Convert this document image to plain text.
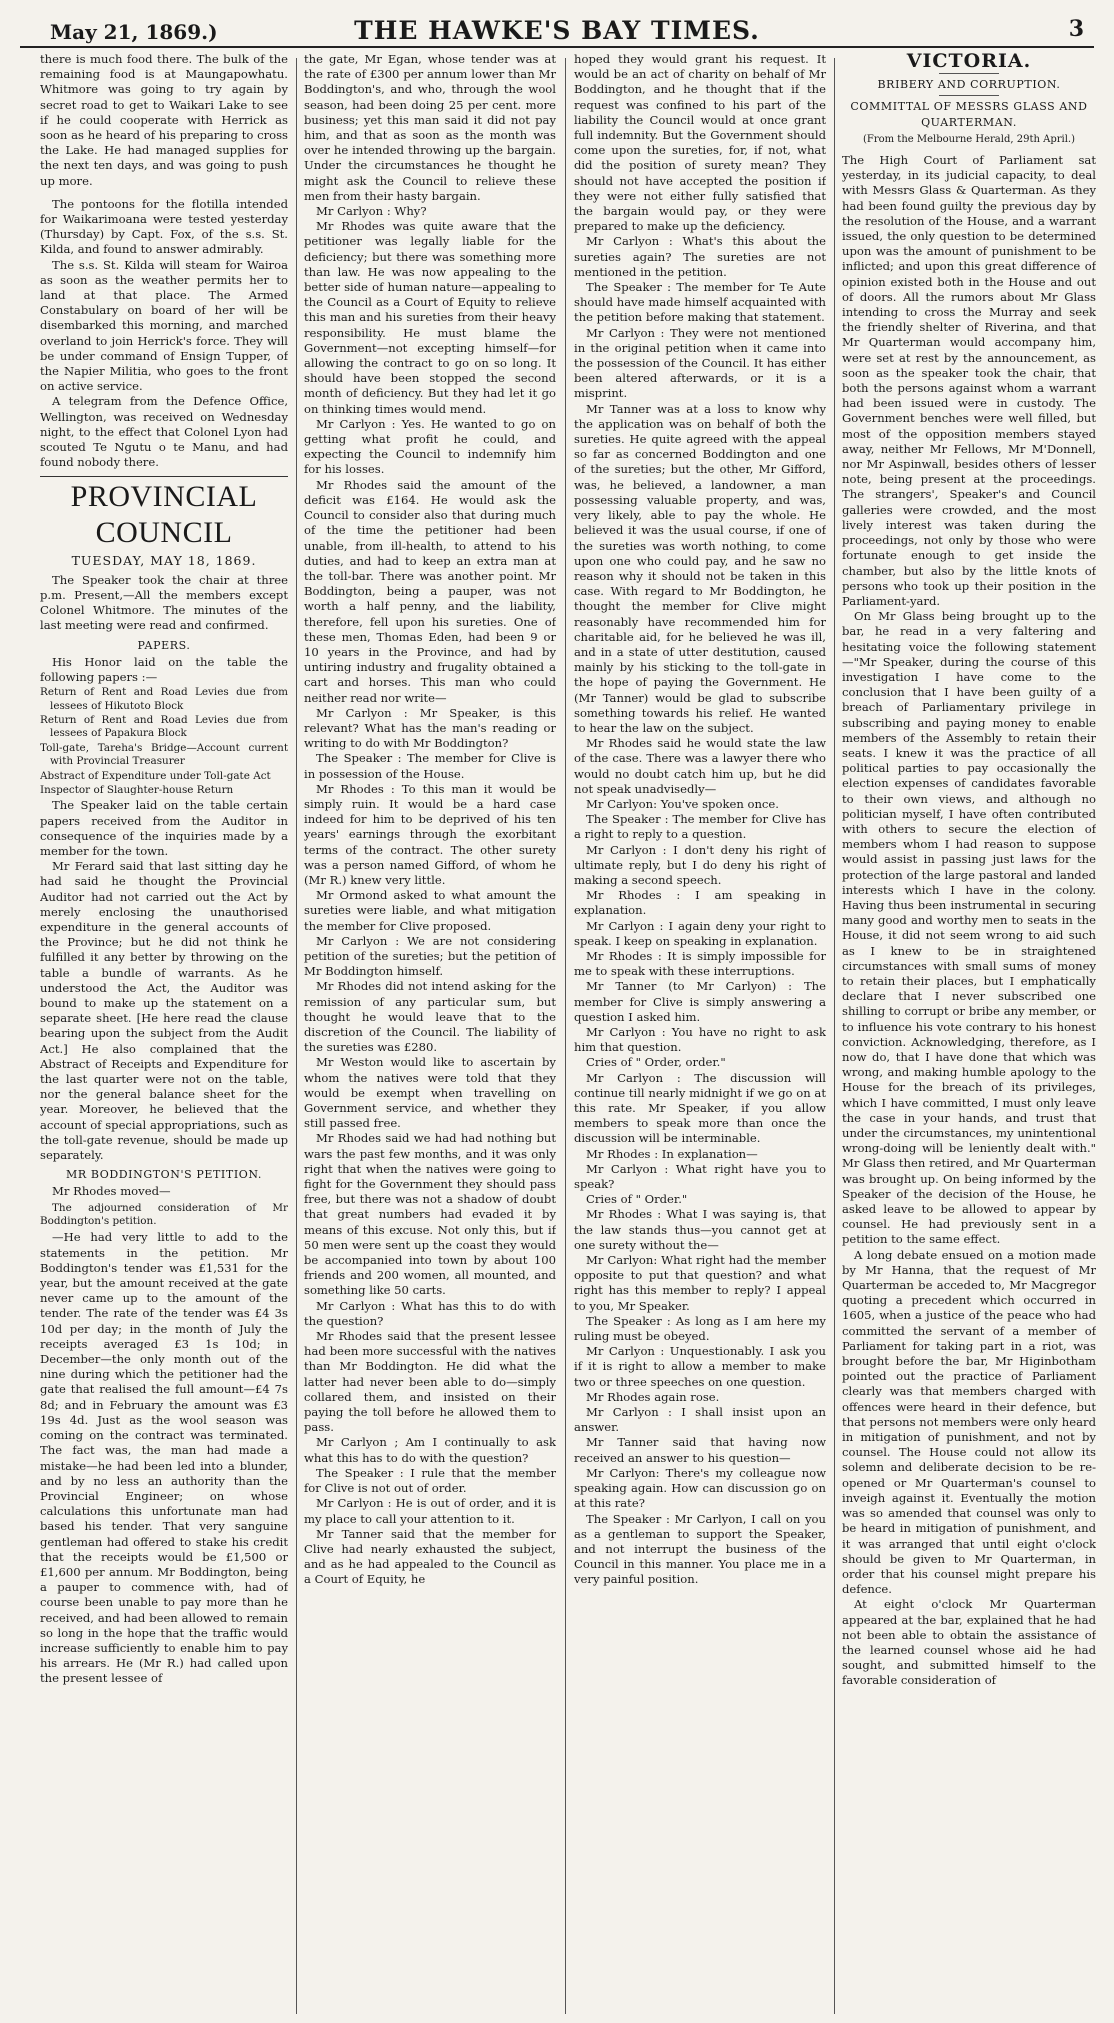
May 21, 1869.)	THE HAWKE'S BAY TIMES.	3

there is much food there. The bulk of the remaining food is at Maungapowhatu. Whitmore was going to try again by secret road to get to Waikari Lake to see if he could cooperate with Herrick as soon as he heard of his preparing to cross the Lake. He had managed supplies for the next ten days, and was going to push up more.

The pontoons for the flotilla intended for Waikarimoana were tested yesterday (Thursday) by Capt. Fox, of the s.s. St. Kilda, and found to answer admirably.

The s.s. St. Kilda will steam for Wairoa as soon as the weather permits her to land at that place. The Armed Constabulary on board of her will be disembarked this morning, and marched overland to join Herrick's force. They will be under command of Ensign Tupper, of the Napier Militia, who goes to the front on active service.

A telegram from the Defence Office, Wellington, was received on Wednesday night, to the effect that Colonel Lyon had scouted Te Ngutu o te Manu, and had found nobody there.

PROVINCIAL COUNCIL
TUESDAY, MAY 18, 1869.

The Speaker took the chair at three p.m. Present,—All the members except Colonel Whitmore. The minutes of the last meeting were read and confirmed.

PAPERS.

His Honor laid on the table the following papers :—

Return of Rent and Road Levies due from lessees of Hikutoto Block
Return of Rent and Road Levies due from lessees of Papakura Block
Toll-gate, Tareha's Bridge—Account current with Provincial Treasurer
Abstract of Expenditure under Toll-gate Act
Inspector of Slaughter-house Return

The Speaker laid on the table certain papers received from the Auditor in consequence of the inquiries made by a member for the town.

Mr Ferard said that last sitting day he had said he thought the Provincial Auditor had not carried out the Act by merely enclosing the unauthorised expenditure in the general accounts of the Province; but he did not think he fulfilled it any better by throwing on the table a bundle of warrants. As he understood the Act, the Auditor was bound to make up the statement on a separate sheet. [He here read the clause bearing upon the subject from the Audit Act.] He also complained that the Abstract of Receipts and Expenditure for the last quarter were not on the table, nor the general balance sheet for the year. Moreover, he believed that the account of special appropriations, such as the toll-gate revenue, should be made up separately.

MR BODDINGTON'S PETITION.

Mr Rhodes moved—

The adjourned consideration of Mr Boddington's petition.

—He had very little to add to the statements in the petition. Mr Boddington's tender was £1,531 for the year, but the amount received at the gate never came up to the amount of the tender. The rate of the tender was £4 3s 10d per day; in the month of July the receipts averaged £3 1s 10d; in December—the only month out of the nine during which the petitioner had the gate that realised the full amount—£4 7s 8d; and in February the amount was £3 19s 4d. Just as the wool season was coming on the contract was terminated. The fact was, the man had made a mistake—he had been led into a blunder, and by no less an authority than the Provincial Engineer; on whose calculations this unfortunate man had based his tender. That very sanguine gentleman had offered to stake his credit that the receipts would be £1,500 or £1,600 per annum. Mr Boddington, being a pauper to commence with, had of course been unable to pay more than he received, and had been allowed to remain so long in the hope that the traffic would increase sufficiently to enable him to pay his arrears. He (Mr R.) had called upon the present lessee of

the gate, Mr Egan, whose tender was at the rate of £300 per annum lower than Mr Boddington's, and who, through the wool season, had been doing 25 per cent. more business; yet this man said it did not pay him, and that as soon as the month was over he intended throwing up the bargain. Under the circumstances he thought he might ask the Council to relieve these men from their hasty bargain.

Mr Carlyon : Why?

Mr Rhodes was quite aware that the petitioner was legally liable for the deficiency; but there was something more than law. He was now appealing to the better side of human nature—appealing to the Council as a Court of Equity to relieve this man and his sureties from their heavy responsibility. He must blame the Government—not excepting himself—for allowing the contract to go on so long. It should have been stopped the second month of deficiency. But they had let it go on thinking times would mend.

Mr Carlyon : Yes. He wanted to go on getting what profit he could, and expecting the Council to indemnify him for his losses.

Mr Rhodes said the amount of the deficit was £164. He would ask the Council to consider also that during much of the time the petitioner had been unable, from ill-health, to attend to his duties, and had to keep an extra man at the toll-bar. There was another point. Mr Boddington, being a pauper, was not worth a half penny, and the liability, therefore, fell upon his sureties. One of these men, Thomas Eden, had been 9 or 10 years in the Province, and had by untiring industry and frugality obtained a cart and horses. This man who could neither read nor write—

Mr Carlyon : Mr Speaker, is this relevant? What has the man's reading or writing to do with Mr Boddington?

The Speaker : The member for Clive is in possession of the House.

Mr Rhodes : To this man it would be simply ruin. It would be a hard case indeed for him to be deprived of his ten years' earnings through the exorbitant terms of the contract. The other surety was a person named Gifford, of whom he (Mr R.) knew very little.

Mr Ormond asked to what amount the sureties were liable, and what mitigation the member for Clive proposed.

Mr Carlyon : We are not considering petition of the sureties; but the petition of Mr Boddington himself.

Mr Rhodes did not intend asking for the remission of any particular sum, but thought he would leave that to the discretion of the Council. The liability of the sureties was £280.

Mr Weston would like to ascertain by whom the natives were told that they would be exempt when travelling on Government service, and whether they still passed free.

Mr Rhodes said we had had nothing but wars the past few months, and it was only right that when the natives were going to fight for the Government they should pass free, but there was not a shadow of doubt that great numbers had evaded it by means of this excuse. Not only this, but if 50 men were sent up the coast they would be accompanied into town by about 100 friends and 200 women, all mounted, and something like 50 carts.

Mr Carlyon : What has this to do with the question?

Mr Rhodes said that the present lessee had been more successful with the natives than Mr Boddington. He did what the latter had never been able to do—simply collared them, and insisted on their paying the toll before he allowed them to pass.

Mr Carlyon ; Am I continually to ask what this has to do with the question?

The Speaker : I rule that the member for Clive is not out of order.

Mr Carlyon : He is out of order, and it is my place to call your attention to it.

Mr Tanner said that the member for Clive had nearly exhausted the subject, and as he had appealed to the Council as a Court of Equity, he

hoped they would grant his request. It would be an act of charity on behalf of Mr Boddington, and he thought that if the request was confined to his part of the liability the Council would at once grant full indemnity. But the Government should come upon the sureties, for, if not, what did the position of surety mean? They should not have accepted the position if they were not either fully satisfied that the bargain would pay, or they were prepared to make up the deficiency.

Mr Carlyon : What's this about the sureties again? The sureties are not mentioned in the petition.

The Speaker : The member for Te Aute should have made himself acquainted with the petition before making that statement.

Mr Carlyon : They were not mentioned in the original petition when it came into the possession of the Council. It has either been altered afterwards, or it is a misprint.

Mr Tanner was at a loss to know why the application was on behalf of both the sureties. He quite agreed with the appeal so far as concerned Boddington and one of the sureties; but the other, Mr Gifford, was, he believed, a landowner, a man possessing valuable property, and was, very likely, able to pay the whole. He believed it was the usual course, if one of the sureties was worth nothing, to come upon one who could pay, and he saw no reason why it should not be taken in this case. With regard to Mr Boddington, he thought the member for Clive might reasonably have recommended him for charitable aid, for he believed he was ill, and in a state of utter destitution, caused mainly by his sticking to the toll-gate in the hope of paying the Government. He (Mr Tanner) would be glad to subscribe something towards his relief. He wanted to hear the law on the subject.

Mr Rhodes said he would state the law of the case. There was a lawyer there who would no doubt catch him up, but he did not speak unadvisedly—

Mr Carlyon: You've spoken once.

The Speaker : The member for Clive has a right to reply to a question.

Mr Carlyon : I don't deny his right of ultimate reply, but I do deny his right of making a second speech.

Mr Rhodes : I am speaking in explanation.

Mr Carlyon : I again deny your right to speak. I keep on speaking in explanation.

Mr Rhodes : It is simply impossible for me to speak with these interruptions.

Mr Tanner (to Mr Carlyon) : The member for Clive is simply answering a question I asked him.

Mr Carlyon : You have no right to ask him that question.

Cries of " Order, order."

Mr Carlyon : The discussion will continue till nearly midnight if we go on at this rate. Mr Speaker, if you allow members to speak more than once the discussion will be interminable.

Mr Rhodes : In explanation—

Mr Carlyon : What right have you to speak?

Cries of " Order."

Mr Rhodes : What I was saying is, that the law stands thus—you cannot get at one surety without the—

Mr Carlyon: What right had the member opposite to put that question? and what right has this member to reply? I appeal to you, Mr Speaker.

The Speaker : As long as I am here my ruling must be obeyed.

Mr Carlyon : Unquestionably. I ask you if it is right to allow a member to make two or three speeches on one question.

Mr Rhodes again rose.

Mr Carlyon : I shall insist upon an answer.

Mr Tanner said that having now received an answer to his question—

Mr Carlyon: There's my colleague now speaking again. How can discussion go on at this rate?

The Speaker : Mr Carlyon, I call on you as a gentleman to support the Speaker, and not interrupt the business of the Council in this manner. You place me in a very painful position.

VICTORIA.
BRIBERY AND CORRUPTION.
COMMITTAL OF MESSRS GLASS AND QUARTERMAN.
(From the Melbourne Herald, 29th April.)

The High Court of Parliament sat yesterday, in its judicial capacity, to deal with Messrs Glass & Quarterman. As they had been found guilty the previous day by the resolution of the House, and a warrant issued, the only question to be determined upon was the amount of punishment to be inflicted; and upon this great difference of opinion existed both in the House and out of doors. All the rumors about Mr Glass intending to cross the Murray and seek the friendly shelter of Riverina, and that Mr Quarterman would accompany him, were set at rest by the announcement, as soon as the speaker took the chair, that both the persons against whom a warrant had been issued were in custody. The Government benches were well filled, but most of the opposition members stayed away, neither Mr Fellows, Mr M'Donnell, nor Mr Aspinwall, besides others of lesser note, being present at the proceedings. The strangers', Speaker's and Council galleries were crowded, and the most lively interest was taken during the proceedings, not only by those who were fortunate enough to get inside the chamber, but also by the little knots of persons who took up their position in the Parliament-yard.

On Mr Glass being brought up to the bar, he read in a very faltering and hesitating voice the following statement—"Mr Speaker, during the course of this investigation I have come to the conclusion that I have been guilty of a breach of Parliamentary privilege in subscribing and paying money to enable members of the Assembly to retain their seats. I knew it was the practice of all political parties to pay occasionally the election expenses of candidates favorable to their own views, and although no politician myself, I have often contributed with others to secure the election of members whom I had reason to suppose would assist in passing just laws for the protection of the large pastoral and landed interests which I have in the colony. Having thus been instrumental in securing many good and worthy men to seats in the House, it did not seem wrong to aid such as I knew to be in straightened circumstances with small sums of money to retain their places, but I emphatically declare that I never subscribed one shilling to corrupt or bribe any member, or to influence his vote contrary to his honest conviction. Acknowledging, therefore, as I now do, that I have done that which was wrong, and making humble apology to the House for the breach of its privileges, which I have committed, I must only leave the case in your hands, and trust that under the circumstances, my unintentional wrong-doing will be leniently dealt with." Mr Glass then retired, and Mr Quarterman was brought up. On being informed by the Speaker of the decision of the House, he asked leave to be allowed to appear by counsel. He had previously sent in a petition to the same effect.

A long debate ensued on a motion made by Mr Hanna, that the request of Mr Quarterman be acceded to, Mr Macgregor quoting a precedent which occurred in 1605, when a justice of the peace who had committed the servant of a member of Parliament for taking part in a riot, was brought before the bar, Mr Higinbotham pointed out the practice of Parliament clearly was that members charged with offences were heard in their defence, but that persons not members were only heard in mitigation of punishment, and not by counsel. The House could not allow its solemn and deliberate decision to be re-opened or Mr Quarterman's counsel to inveigh against it. Eventually the motion was so amended that counsel was only to be heard in mitigation of punishment, and it was arranged that until eight o'clock should be given to Mr Quarterman, in order that his counsel might prepare his defence.

At eight o'clock Mr Quarterman appeared at the bar, explained that he had not been able to obtain the assistance of the learned counsel whose aid he had sought, and submitted himself to the favorable consideration of
